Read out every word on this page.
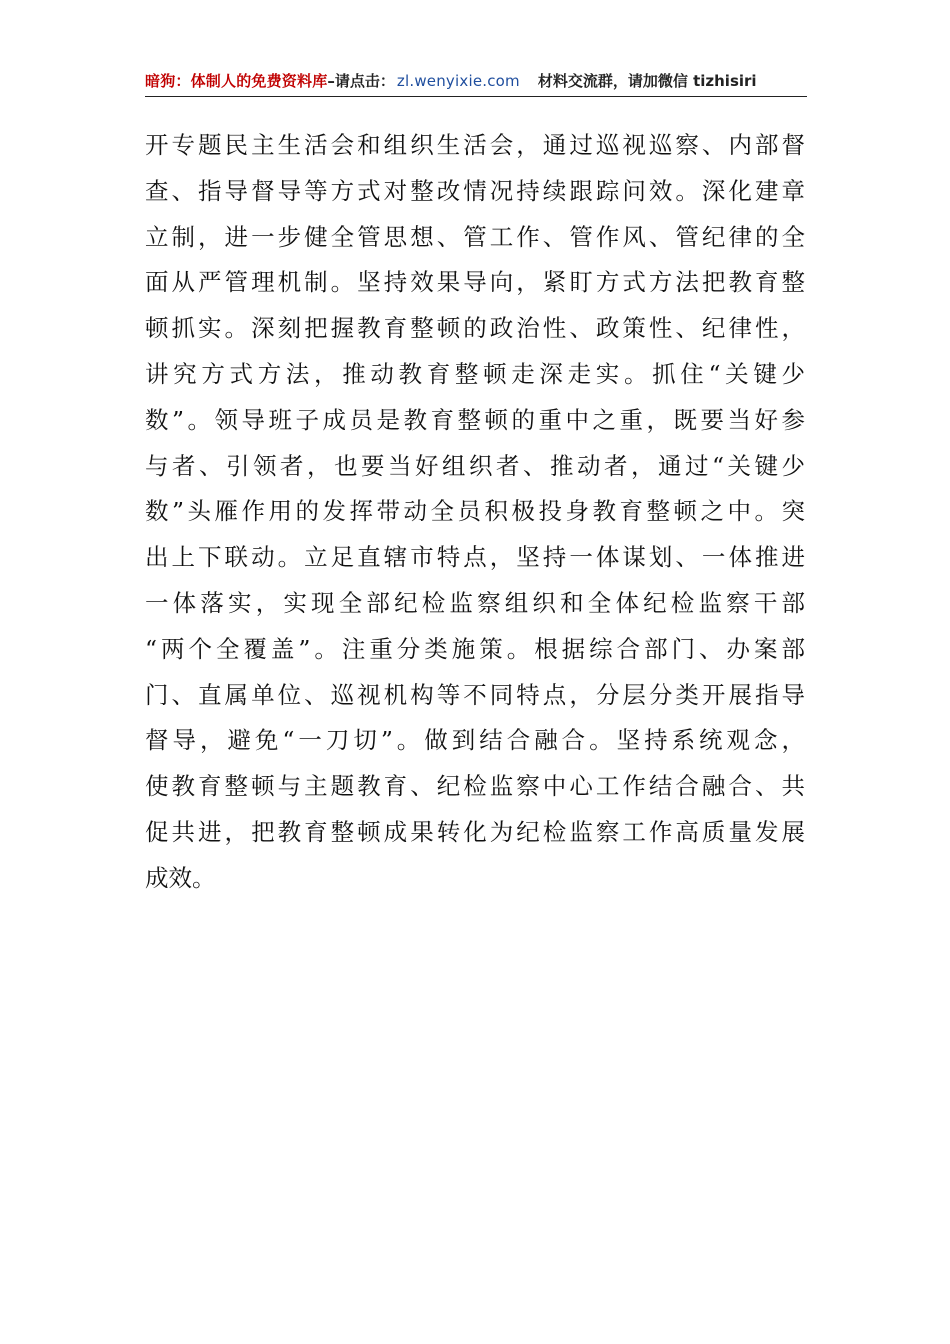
暗狗：体制人的免费资料库 –请点击： zl.wenyixie.com 材料交流群，请加微信 tizhisiri
开专题民主生活会和组织生活会，通过巡视巡察、内部督
查、指导督导等方式对整改情况持续跟踪问效。深化建章
立制，进一步健全管思想、管工作、管作风、管纪律的全
面从严管理机制。坚持效果导向，紧盯方式方法把教育整
顿抓实。深刻把握教育整顿的政治性、政策性、纪律性，
讲究方式方法，推动教育整顿走深走实。抓住“关键少
数”。领导班子成员是教育整顿的重中之重，既要当好参
与者、引领者，也要当好组织者、推动者，通过“关键少
数”头雁作用的发挥带动全员积极投身教育整顿之中。突
出上下联动。立足直辖市特点，坚持一体谋划、一体推进
一体落实，实现全部纪检监察组织和全体纪检监察干部
“两个全覆盖”。注重分类施策。根据综合部门、办案部
门、直属单位、巡视机构等不同特点，分层分类开展指导
督导，避免“一刀切”。做到结合融合。坚持系统观念，
使教育整顿与主题教育、纪检监察中心工作结合融合、共
促共进，把教育整顿成果转化为纪检监察工作高质量发展
成效。
